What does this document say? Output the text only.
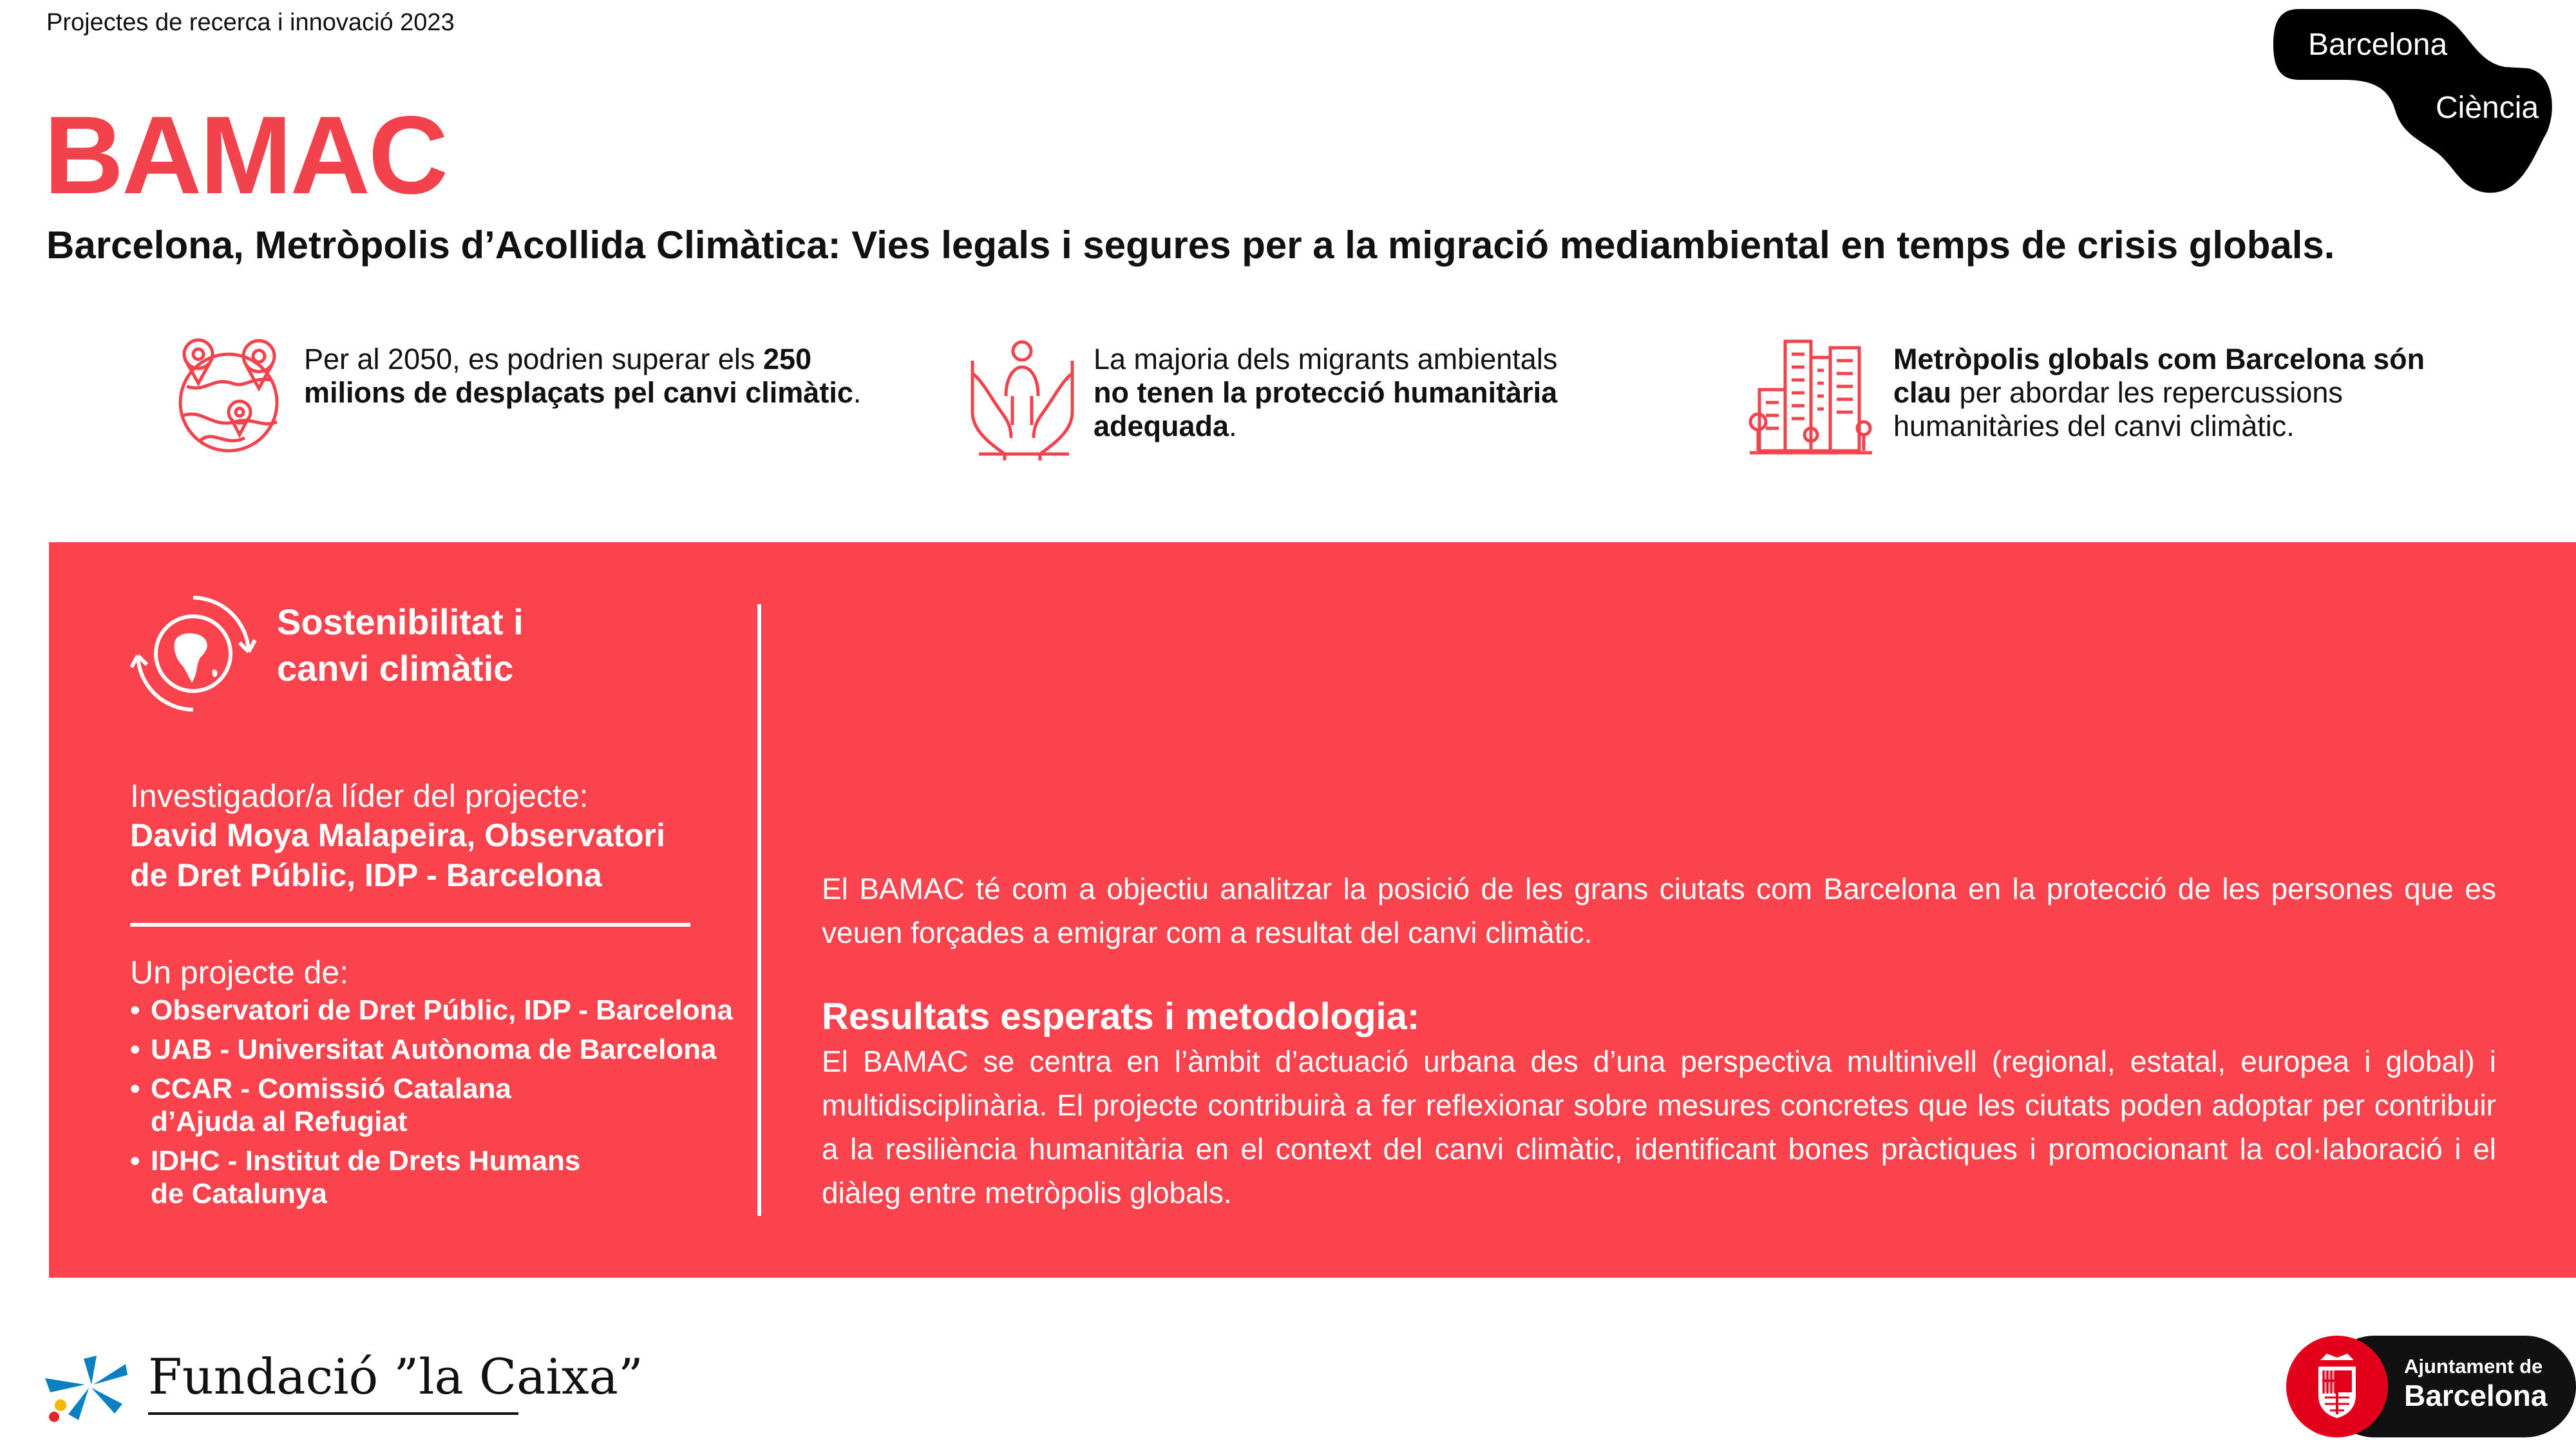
Projectes de recerca i innovació 2023
BAMAC
Barcelona, Metròpolis d’Acollida Climàtica: Vies legals i segures per a la migració mediambiental en temps de crisis globals.
Barcelona
Ciència
Per al 2050, es podrien superar els 250 milions de desplaçats pel canvi climàtic.
La majoria dels migrants ambientals no tenen la protecció humanitària adequada.
Metròpolis globals com Barcelona són clau per abordar les repercussions humanitàries del canvi climàtic.
Sostenibilitat i canvi climàtic
Investigador/a líder del projecte:
David Moya Malapeira, Observatori de Dret Públic, IDP - Barcelona
Un projecte de:
• Observatori de Dret Públic, IDP - Barcelona
• UAB - Universitat Autònoma de Barcelona
• CCAR - Comissió Catalana d’Ajuda al Refugiat
• IDHC - Institut de Drets Humans de Catalunya
El BAMAC té com a objectiu analitzar la posició de les grans ciutats com Barcelona en la protecció de les persones que es veuen forçades a emigrar com a resultat del canvi climàtic.
Resultats esperats i metodologia:
El BAMAC se centra en l’àmbit d’actuació urbana des d’una perspectiva multinivell (regional, estatal, europea i global) i multidisciplinària. El projecte contribuirà a fer reflexionar sobre mesures concretes que les ciutats poden adoptar per contribuir a la resiliència humanitària en el context del canvi climàtic, identificant bones pràctiques i promocionant la col·laboració i el diàleg entre metròpolis globals.
Fundació ”la Caixa”	Ajuntament de
Barcelona
